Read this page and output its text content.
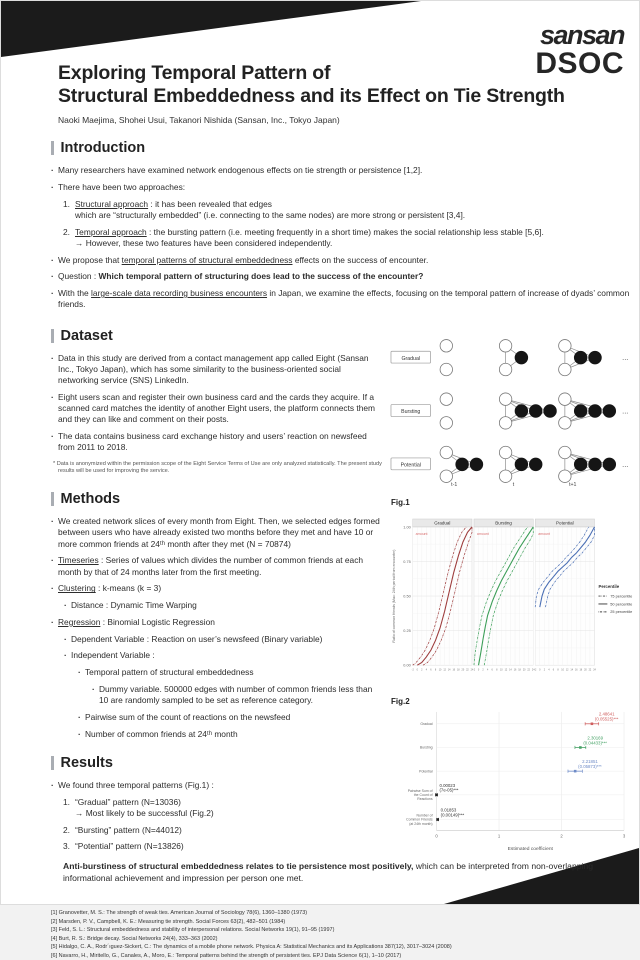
sansan
DSOC
Exploring Temporal Pattern of
Structural Embeddedness and its Effect on Tie Strength
Naoki Maejima, Shohei Usui, Takanori Nishida (Sansan, Inc., Tokyo Japan)
Introduction
·
Many researchers have examined network endogenous effects on tie strength or persistence [1,2].
·
There have been two approaches:
1. Structural approach : it has been revealed that edges
which are “structurally embedded” (i.e. connecting to the same nodes) are more strong or persistent [3,4].
2. Temporal approach : the bursting pattern (i.e. meeting frequently in a short time) makes the social relationship less stable [5,6].
→ However, these two features have been considered independently.
·
We propose that temporal patterns of structural embeddedness effects on the success of encounter.
·
Question : Which temporal pattern of structuring does lead to the success of the encounter?
·
With the large-scale data recording business encounters in Japan, we examine the effects, focusing on the temporal pattern of increase of dyads’ common friends.
Dataset
·
Data in this study are derived from a contact management app called Eight (Sansan Inc., Tokyo Japan), which has some similarity to the business-oriented social networking service (SNS) LinkedIn.
·
Eight users scan and register their own business card and the cards they acquire. If a scanned card matches the identity of another Eight users, the platform connects them and they can like and comment on their posts.
·
The data contains business card exchange history and users’ reaction on newsfeed from 2011 to 2018.
* Data is anonymized within the permission scope of the Eight Service Terms of Use are only analyzed statistically. The present study results will be used for improving the service.
Methods
·
We created network slices of every month from Eight. Then, we selected edges formed between users who have already existed two months before they met and have 10 or more common friends at 24ᵗʰ month after they met (N = 70874)
·
Timeseries : Series of values which divides the number of common friends at each month by that of 24 months later from the first meeting.
·
Clustering : k-means (k = 3)
·
Distance : Dynamic Time Warping
·
Regression : Binomial Logistic Regression
·
Dependent Variable : Reaction on user’s newsfeed (Binary variable)
·
Independent Variable :
·
Temporal pattern of structural embeddedness
·
Dummy variable. 500000 edges with number of common friends less than 10 are randomly sampled to be set as reference category.
·
Pairwise sum of the count of reactions on the newsfeed
·
Number of common friends at 24ᵗʰ month
Results
·
We found three temporal patterns (Fig.1) :
1. “Gradual” pattern (N=13036)
→ Most likely to be successful (Fig.2)
2. “Bursting” pattern (N=44012)
3. “Potential” pattern (N=13826)
Anti-burstiness of structural embeddedness relates to tie persistence most positively, which can be interpreted from non-overlapping informational achievement and impression per person one met.
Gradual	...
Bursting	...
Potential	...
t-1	t	t+1
Fig.1
Gradual
amount
-2 0 2 4 6 8 10 12 14 16 18 20 22 24
0.00
0.25
0.50
0.75
1.00
Bursting
amount
-2 0 2 4 6 8 10 12 14 16 18 20 22 24
Potential
amount
-2 0 2 4 6 8 10 12 14 16 18 20 22 24
Ratio of common friends (Max: 24th period from encounter)	Percentile
75 percentile
50 percentile
25 percentile
Fig.2
0	1	2	3
Estimated coefficient
Gradual
2.48641
(0.05525)***
Bursting
2.30169
(0.04433)***
Potential
2.21851
(0.05873)***
Pairwise Sum of
the Count of
Reactions
0.00023
(7e-05)***
Number of
Common Friends
(at 24th month)
0.01853
(0.00149)***
[1] Granovetter, M. S.: The strength of weak ties. American Journal of Sociology 78(6), 1360–1380 (1973)
[2] Marsden, P. V., Campbell, K. E.: Measuring tie strength. Social Forces 63(2), 482–501 (1984)
[3] Feld, S. L.: Structural embeddedness and stability of interpersonal relations. Social Networks 19(1), 91–95 (1997)
[4] Burt, R. S.: Bridge decay. Social Networks 24(4), 333–363 (2002)
[5] Hidalgo, C. A., Rodr´ıguez-Sickert, C.: The dynamics of a mobile phone network. Physica A: Statistical Mechanics and its Applications 387(12), 3017–3024 (2008)
[6] Navarro, H., Miritello, G., Canales, A., Moro, E.: Temporal patterns behind the strength of persistent ties. EPJ Data Science 6(1), 1–10 (2017)
